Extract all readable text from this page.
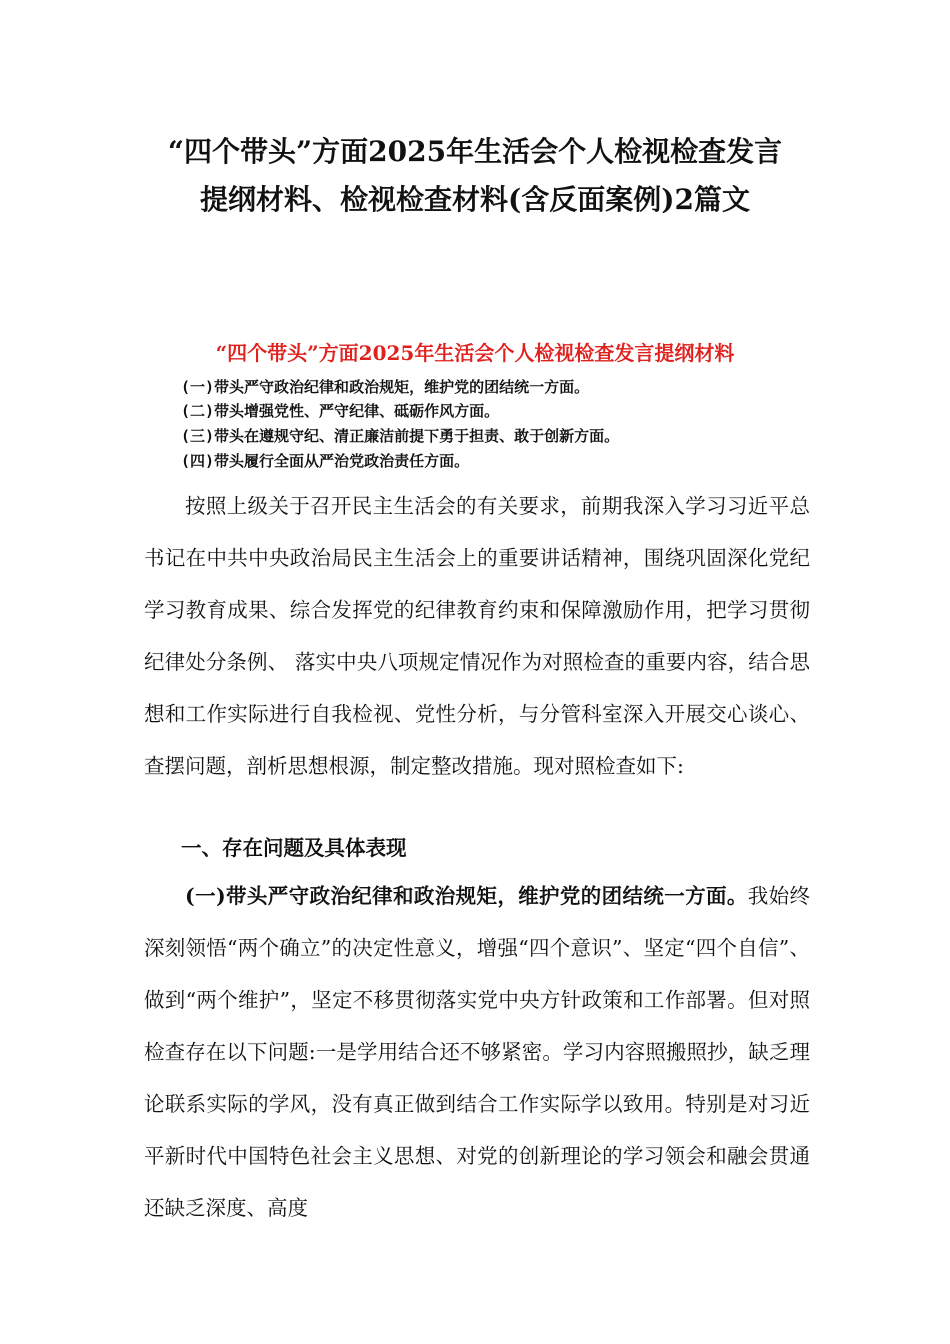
“四个带头”方面2025年生活会个人检视检查发言
提纲材料、检视检查材料(含反面案例)2篇文
“四个带头”方面2025年生活会个人检视检查发言提纲材料
(一)带头严守政治纪律和政治规矩，维护党的团结统一方面。
(二)带头增强党性、严守纪律、砥砺作风方面。
(三)带头在遵规守纪、清正廉洁前提下勇于担责、敢于创新方面。
(四)带头履行全面从严治党政治责任方面。
按照上级关于召开民主生活会的有关要求，前期我深入学习习近平总书记在中共中央政治局民主生活会上的重要讲话精神，围绕巩固深化党纪学习教育成果、综合发挥党的纪律教育约束和保障激励作用，把学习贯彻纪律处分条例、 落实中央八项规定情况作为对照检查的重要内容，结合思想和工作实际进行自我检视、党性分析，与分管科室深入开展交心谈心、查摆问题，剖析思想根源，制定整改措施。现对照检查如下:
一、存在问题及具体表现
(一)带头严守政治纪律和政治规矩，维护党的团结统一方面。我始终深刻领悟“两个确立”的决定性意义，增强“四个意识”、坚定“四个自信”、做到“两个维护”，坚定不移贯彻落实党中央方针政策和工作部署。但对照检查存在以下问题:一是学用结合还不够紧密。学习内容照搬照抄，缺乏理论联系实际的学风，没有真正做到结合工作实际学以致用。特别是对习近平新时代中国特色社会主义思想、对党的创新理论的学习领会和融会贯通还缺乏深度、高度
